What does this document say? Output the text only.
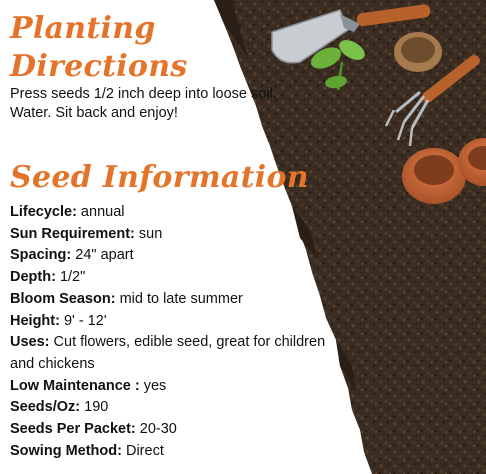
Planting
Directions
Press seeds 1/2 inch deep into loose soil. Water. Sit back and enjoy!
Seed Information
Lifecycle: annual
Sun Requirement: sun
Spacing: 24" apart
Depth: 1/2"
Bloom Season: mid to late summer
Height: 9' - 12'
Uses: Cut flowers, edible seed, great for children and chickens
Low Maintenance : yes
Seeds/Oz: 190
Seeds Per Packet: 20-30
Sowing Method: Direct
